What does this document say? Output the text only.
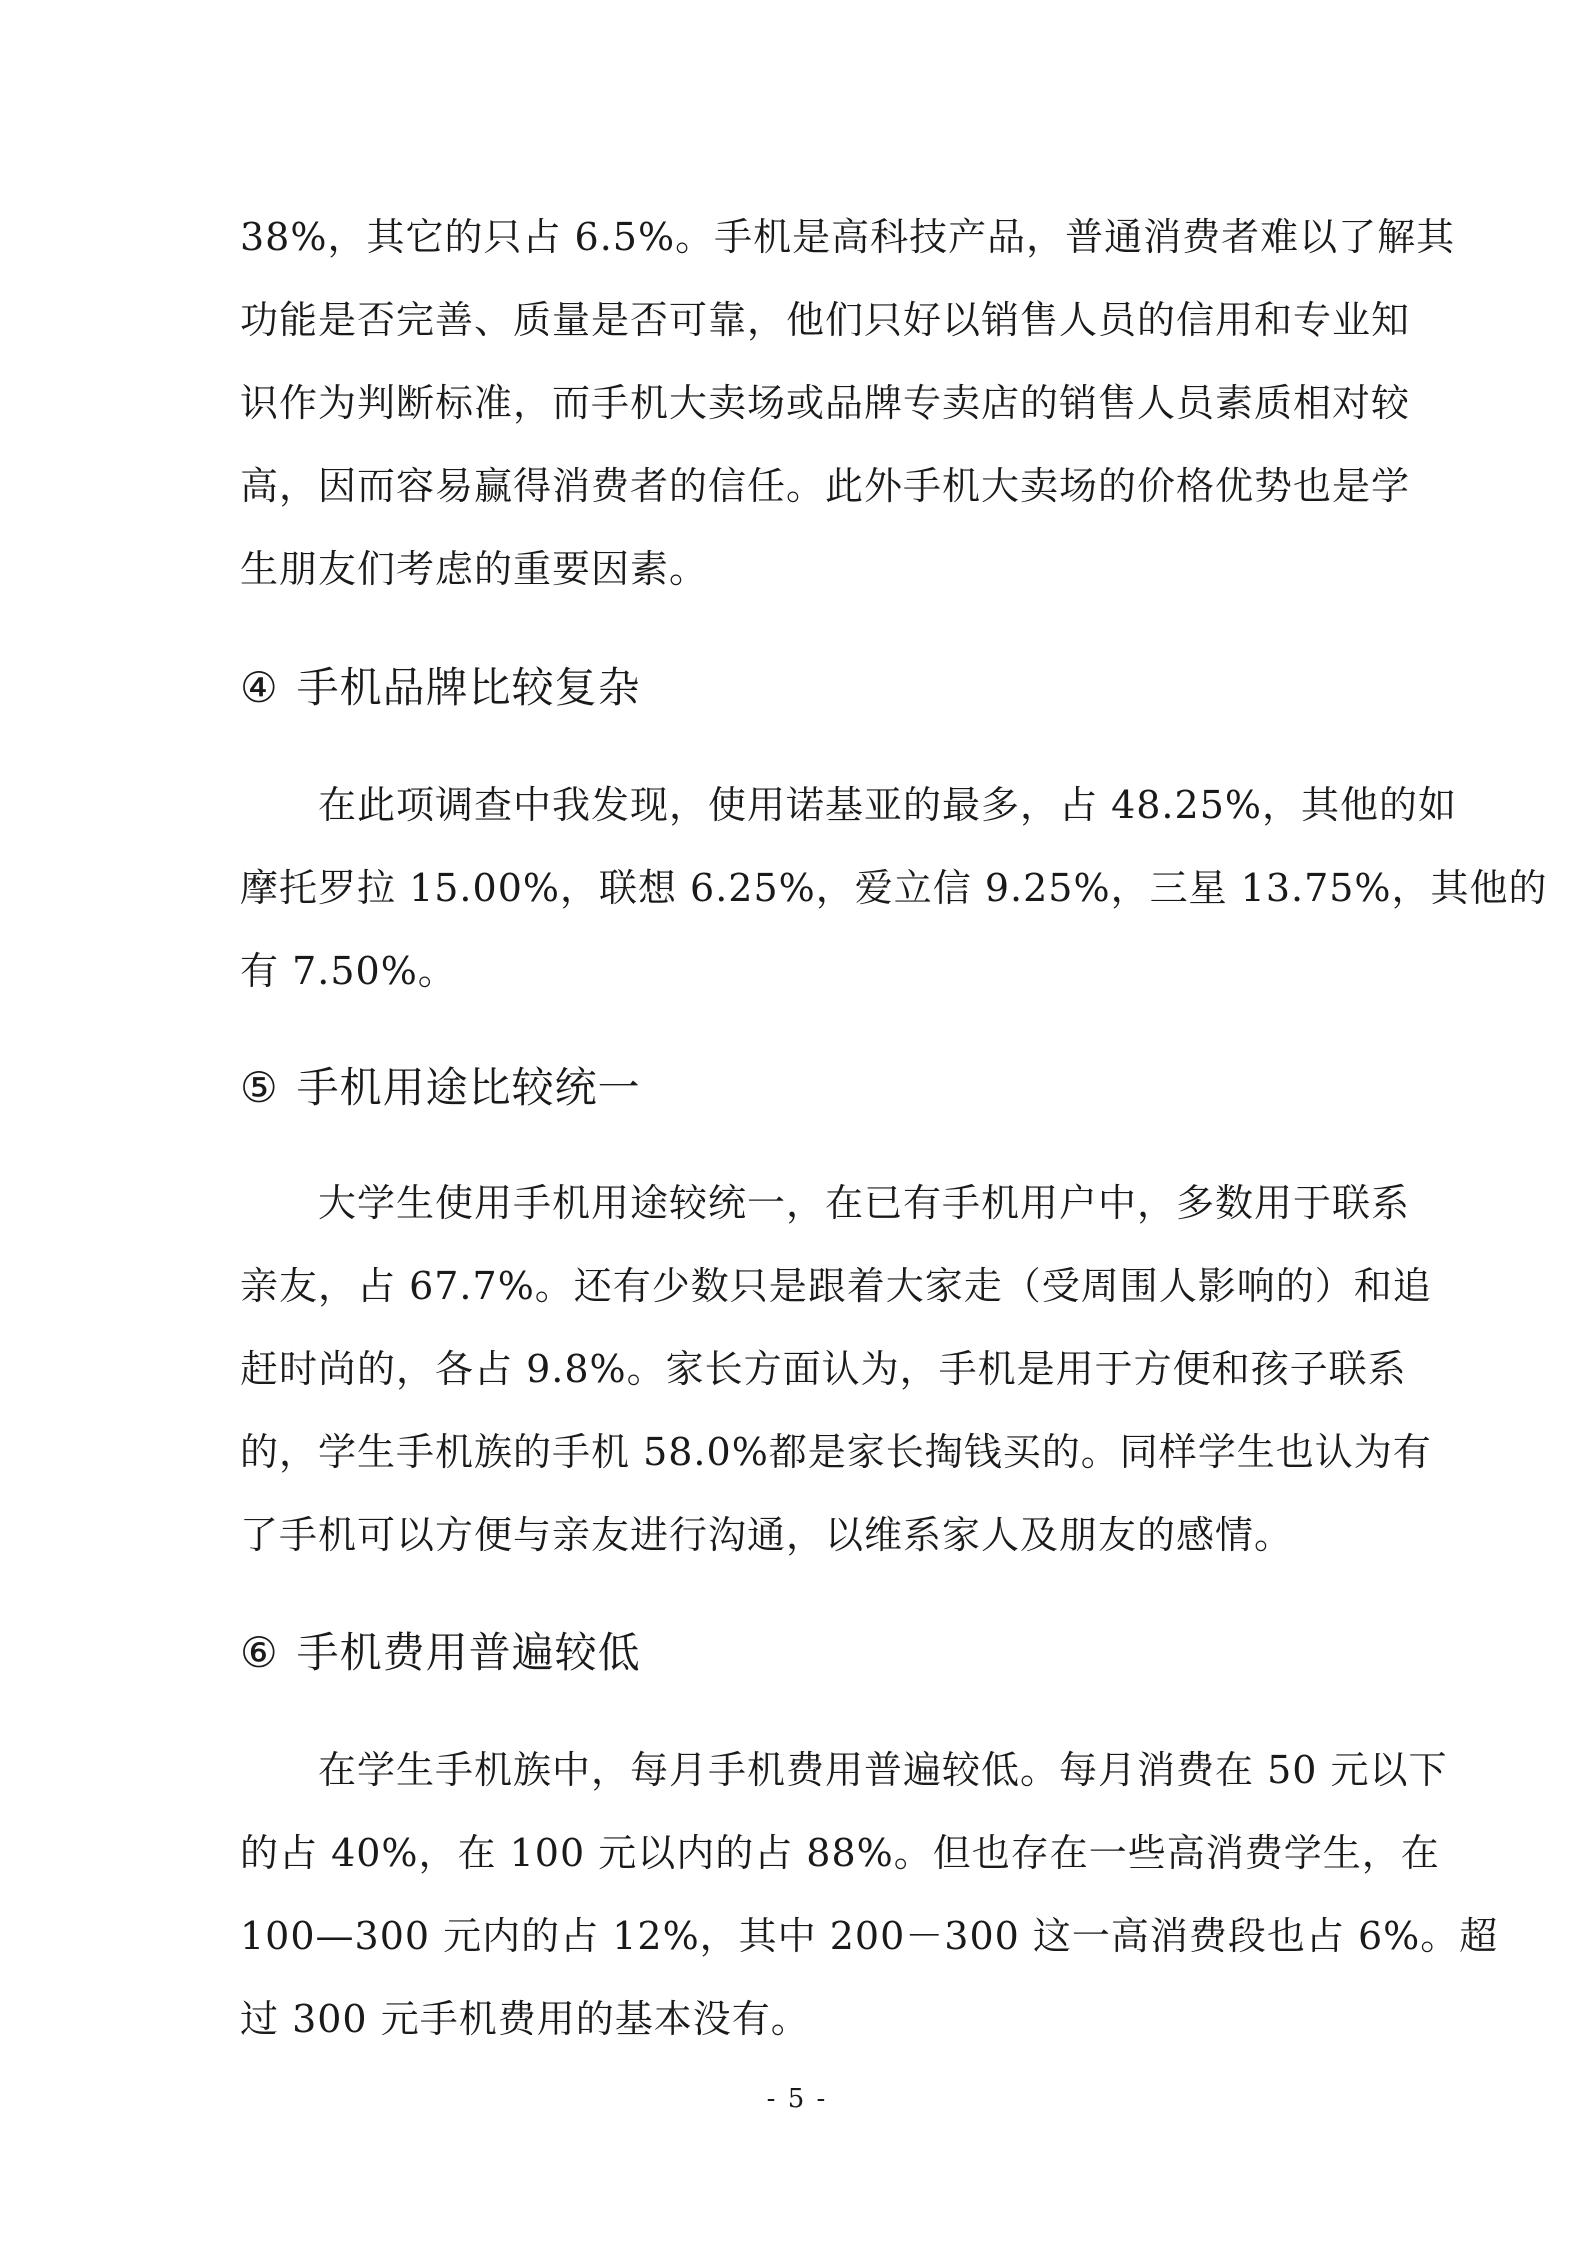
38%，其它的只占 6.5%。手机是高科技产品，普通消费者难以了解其
功能是否完善、质量是否可靠，他们只好以销售人员的信用和专业知
识作为判断标准，而手机大卖场或品牌专卖店的销售人员素质相对较
高，因而容易赢得消费者的信任。此外手机大卖场的价格优势也是学
生朋友们考虑的重要因素。
④ 手机品牌比较复杂
在此项调查中我发现，使用诺基亚的最多，占 48.25%，其他的如
摩托罗拉 15.00%，联想 6.25%，爱立信 9.25%，三星 13.75%，其他的
有 7.50%。
⑤ 手机用途比较统一
大学生使用手机用途较统一，在已有手机用户中，多数用于联系
亲友，占 67.7%。还有少数只是跟着大家走（受周围人影响的）和追
赶时尚的，各占 9.8%。家长方面认为，手机是用于方便和孩子联系
的，学生手机族的手机 58.0%都是家长掏钱买的。同样学生也认为有
了手机可以方便与亲友进行沟通，以维系家人及朋友的感情。
⑥ 手机费用普遍较低
在学生手机族中，每月手机费用普遍较低。每月消费在 50 元以下
的占 40%，在 100 元以内的占 88%。但也存在一些高消费学生，在
100—300 元内的占 12%，其中 200－300 这一高消费段也占 6%。超
过 300 元手机费用的基本没有。
- 5 -
